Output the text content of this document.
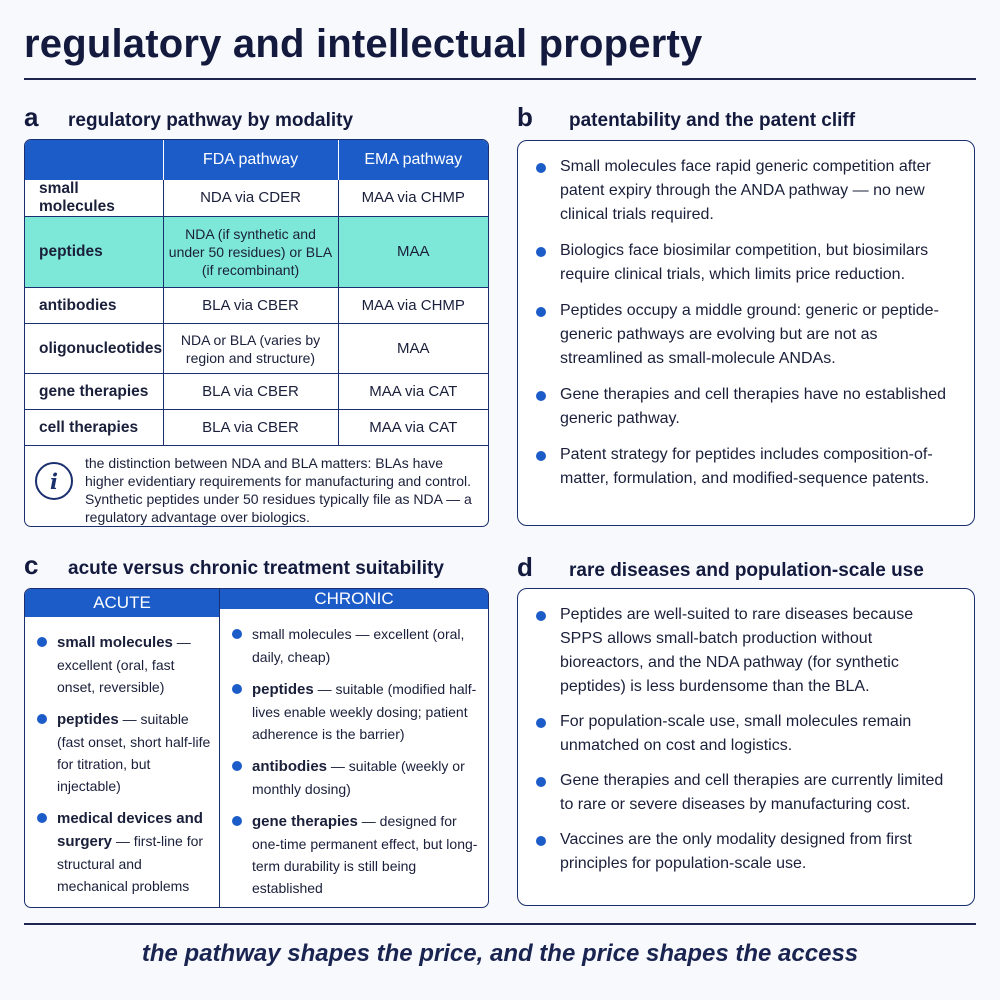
regulatory and intellectual property
a	regulatory pathway by modality
	FDA pathway	EMA pathway
small molecules	NDA via CDER	MAA via CHMP
peptides	NDA (if synthetic and under 50 residues) or BLA (if recombinant)	MAA
antibodies	BLA via CBER	MAA via CHMP
oligonucleotides	NDA or BLA (varies by region and structure)	MAA
gene therapies	BLA via CBER	MAA via CAT
cell therapies	BLA via CBER	MAA via CAT
i
the distinction between NDA and BLA matters: BLAs have higher evidentiary requirements for manufacturing and control. Synthetic peptides under 50 residues typically file as NDA — a regulatory advantage over biologics.
b	patentability and the patent cliff
Small molecules face rapid generic competition after patent expiry through the ANDA pathway — no new clinical trials required.
Biologics face biosimilar competition, but biosimilars require clinical trials, which limits price reduction.
Peptides occupy a middle ground: generic or peptide-generic pathways are evolving but are not as streamlined as small-molecule ANDAs.
Gene therapies and cell therapies have no established generic pathway.
Patent strategy for peptides includes composition-of-matter, formulation, and modified-sequence patents.
c	acute versus chronic treatment suitability
ACUTE
small molecules — excellent (oral, fast onset, reversible)
peptides — suitable (fast onset, short half-life for titration, but injectable)
medical devices and surgery — first-line for structural and mechanical problems
CHRONIC
small molecules — excellent (oral, daily, cheap)
peptides — suitable (modified half-lives enable weekly dosing; patient adherence is the barrier)
antibodies — suitable (weekly or monthly dosing)
gene therapies — designed for one-time permanent effect, but long-term durability is still being established
d	rare diseases and population-scale use
Peptides are well-suited to rare diseases because SPPS allows small-batch production without bioreactors, and the NDA pathway (for synthetic peptides) is less burdensome than the BLA.
For population-scale use, small molecules remain unmatched on cost and logistics.
Gene therapies and cell therapies are currently limited to rare or severe diseases by manufacturing cost.
Vaccines are the only modality designed from first principles for population-scale use.
the pathway shapes the price, and the price shapes the access
